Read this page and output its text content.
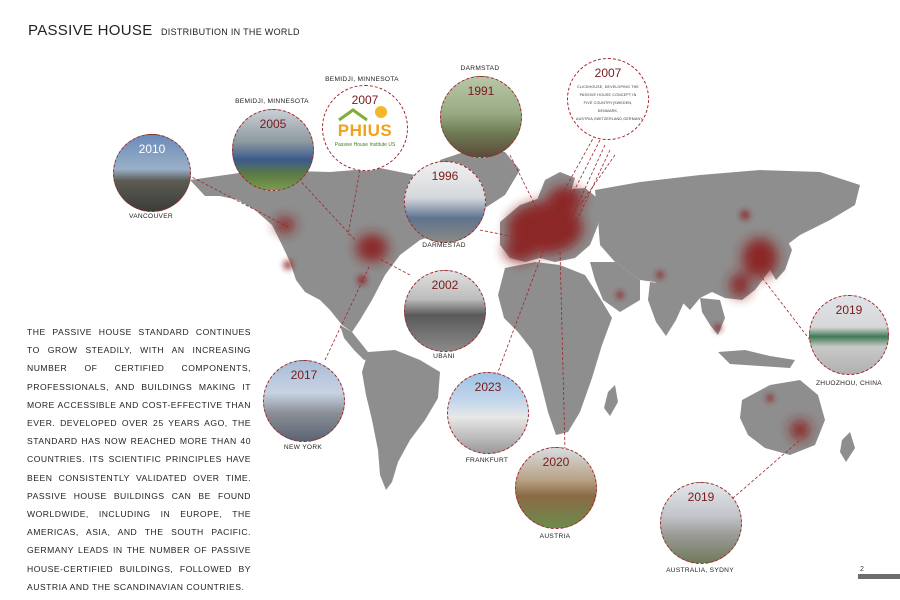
PASSIVE HOUSE DISTRIBUTION IN THE WORLD
THE PASSIVE HOUSE STANDARD CONTINUES TO GROW STEADILY, WITH AN INCREASING NUMBER OF CERTIFIED COMPONENTS, PROFESSIONALS, AND BUILDINGS MAKING IT MORE ACCESSIBLE AND COST-EFFECTIVE THAN EVER. DEVELOPED OVER 25 YEARS AGO, THE STANDARD HAS NOW REACHED MORE THAN 40 COUNTRIES. ITS SCIENTIFIC PRINCIPLES HAVE BEEN CONSISTENTLY VALIDATED OVER TIME. PASSIVE HOUSE BUILDINGS CAN BE FOUND WORLDWIDE, INCLUDING IN EUROPE, THE AMERICAS, ASIA, AND THE SOUTH PACIFIC. GERMANY LEADS IN THE NUMBER OF PASSIVE HOUSE-CERTIFIED BUILDINGS, FOLLOWED BY AUSTRIA AND THE SCANDINAVIAN COUNTRIES.
2010
VANCOUVER
BEMIDJI, MINNESOTA
2005
BEMIDJI, MINNESOTA
2007
PHIUS
Passive House Institute US
DARMSTAD
1991
2007
CLICKHOUSE, DEVELOPING THE PASSIVE HOUSE CONCEPT IN FIVE COUNTRY(SWEDEN, DENMARK, AUSTRIA,SWITZERLAND,GERMANY
1996
DARMESTAD
2002
UBANI
2017
NEW YORK
2023
FRANKFURT	2020
AUSTRIA
2019
ZHUOZHOU, CHINA
2019
AUSTRALIA, SYDNY	2
